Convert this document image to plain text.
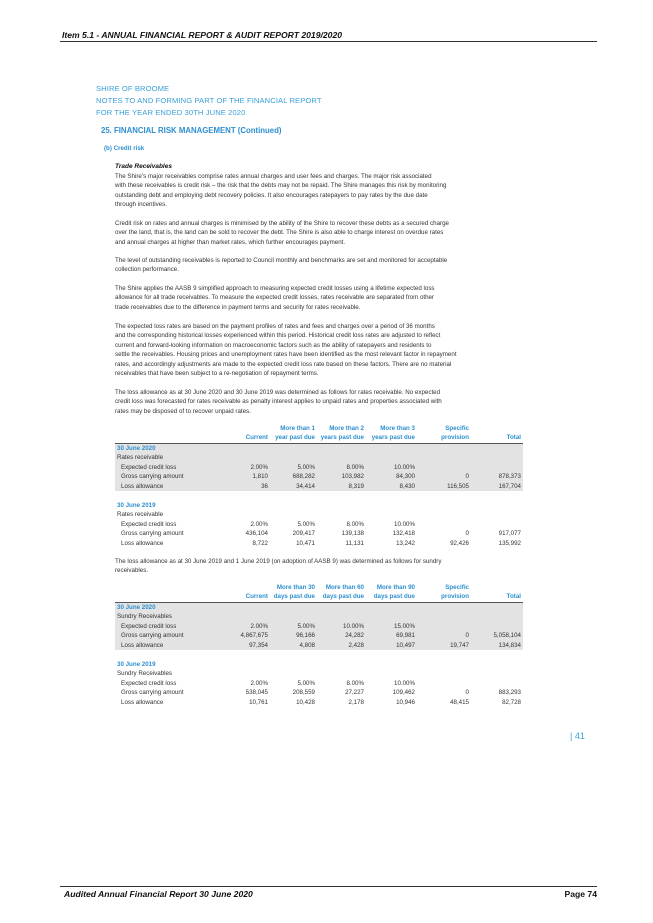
Item 5.1 - ANNUAL FINANCIAL REPORT & AUDIT REPORT 2019/2020
SHIRE OF BROOME
NOTES TO AND FORMING PART OF THE FINANCIAL REPORT
FOR THE YEAR ENDED 30TH JUNE 2020
25. FINANCIAL RISK MANAGEMENT (Continued)
(b) Credit risk
Trade Receivables
The Shire’s major receivables comprise rates annual charges and user fees and charges. The major risk associated
with these receivables is credit risk – the risk that the debts may not be repaid. The Shire manages this risk by monitoring
outstanding debt and employing debt recovery policies. It also encourages ratepayers to pay rates by the due date
through incentives.
Credit risk on rates and annual charges is minimised by the ability of the Shire to recover these debts as a secured charge
over the land, that is, the land can be sold to recover the debt. The Shire is also able to charge interest on overdue rates
and annual charges at higher than market rates, which further encourages payment.
The level of outstanding receivables is reported to Council monthly and benchmarks are set and monitored for acceptable
collection performance.
The Shire applies the AASB 9 simplified approach to measuring expected credit losses using a lifetime expected loss
allowance for all trade receivables. To measure the expected credit losses, rates receivable are separated from other
trade receivables due to the difference in payment terms and security for rates receivable.
The expected loss rates are based on the payment profiles of rates and fees and charges over a period of 36 months
and the corresponding historical losses experienced within this period. Historical credit loss rates are adjusted to reflect
current and forward-looking information on macroeconomic factors such as the ability of ratepayers and residents to
settle the receivables. Housing prices and unemployment rates have been identified as the most relevant factor in repayment
rates, and accordingly adjustments are made to the expected credit loss rate based on these factors. There are no material
receivables that have been subject to a re-negotiation of repayment terms.
The loss allowance as at 30 June 2020 and 30 June 2019 was determined as follows for rates receivable. No expected
credit loss was forecasted for rates receivable as penalty interest applies to unpaid rates and properties associated with
rates may be disposed of to recover unpaid rates.
		More than 1	More than 2	More than 3	Specific	
	Current	year past due	years past due	years past due	provision	Total
30 June 2020						
Rates receivable						
Expected credit loss	2.00%	5.00%	8.00%	10.00%		
Gross carrying amount	1,810	688,282	103,982	84,300	0	878,373
Loss allowance	36	34,414	8,319	8,430	116,505	167,704

30 June 2019						
Rates receivable						
Expected credit loss	2.00%	5.00%	8.00%	10.00%		
Gross carrying amount	436,104	209,417	139,138	132,418	0	917,077
Loss allowance	8,722	10,471	11,131	13,242	92,426	135,992
The loss allowance as at 30 June 2019 and 1 June 2019 (on adoption of AASB 9) was determined as follows for sundry
receivables.
		More than 30	More than 60	More than 90	Specific	
	Current	days past due	days past due	days past due	provision	Total
30 June 2020						
Sundry Receivables						
Expected credit loss	2.00%	5.00%	10.00%	15.00%		
Gross carrying amount	4,867,675	96,166	24,282	69,981	0	5,058,104
Loss allowance	97,354	4,808	2,428	10,497	19,747	134,834

30 June 2019						
Sundry Receivables						
Expected credit loss	2.00%	5.00%	8.00%	10.00%		
Gross carrying amount	538,045	208,559	27,227	109,462	0	883,293
Loss allowance	10,761	10,428	2,178	10,946	48,415	82,728
| 41
Audited Annual Financial Report 30 June 2020	Page 74
